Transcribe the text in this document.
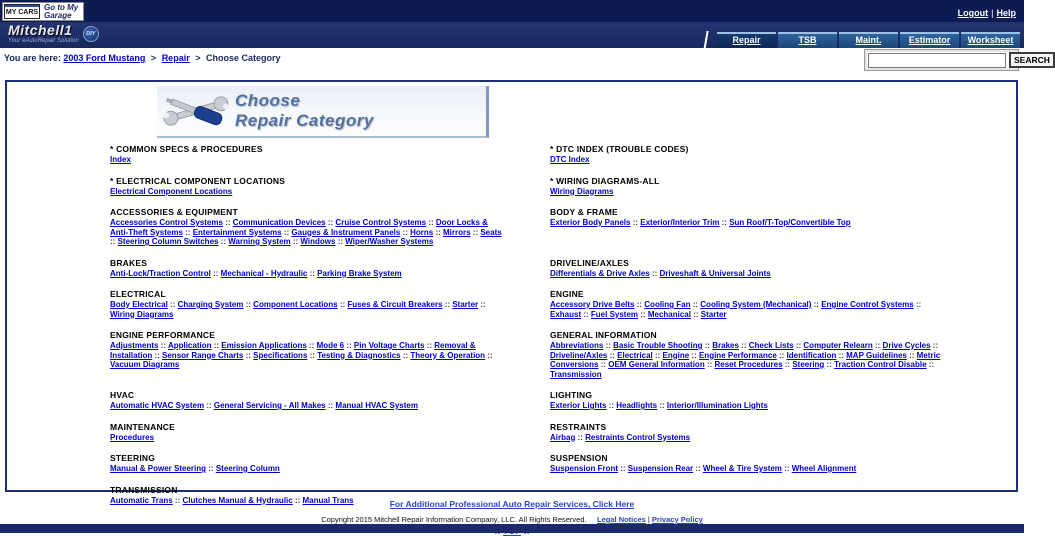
MY CARS
Go to My Garage	Logout | Help
Mitchell1
Your eAutoRepair Solution
DIY
Repair	TSB	Maint.	Estimator	Worksheet
You are here: 2003 Ford Mustang > Repair > Choose Category	SEARCH
Choose
Repair Category
* COMMON SPECS & PROCEDURES
Index
* DTC INDEX (TROUBLE CODES)
DTC Index
* ELECTRICAL COMPONENT LOCATIONS
Electrical Component Locations
* WIRING DIAGRAMS-ALL
Wiring Diagrams
ACCESSORIES & EQUIPMENT
Accessories Control Systems :: Communication Devices :: Cruise Control Systems :: Door Locks & Anti-Theft Systems :: Entertainment Systems :: Gauges & Instrument Panels :: Horns :: Mirrors :: Seats :: Steering Column Switches :: Warning System :: Windows :: Wiper/Washer Systems
BODY & FRAME
Exterior Body Panels :: Exterior/Interior Trim :: Sun Roof/T-Top/Convertible Top
BRAKES
Anti-Lock/Traction Control :: Mechanical - Hydraulic :: Parking Brake System
DRIVELINE/AXLES
Differentials & Drive Axles :: Driveshaft & Universal Joints
ELECTRICAL
Body Electrical :: Charging System :: Component Locations :: Fuses & Circuit Breakers :: Starter :: Wiring Diagrams
ENGINE
Accessory Drive Belts :: Cooling Fan :: Cooling System (Mechanical) :: Engine Control Systems :: Exhaust :: Fuel System :: Mechanical :: Starter
ENGINE PERFORMANCE
Adjustments :: Application :: Emission Applications :: Mode 6 :: Pin Voltage Charts :: Removal & Installation :: Sensor Range Charts :: Specifications :: Testing & Diagnostics :: Theory & Operation :: Vacuum Diagrams
GENERAL INFORMATION
Abbreviations :: Basic Trouble Shooting :: Brakes :: Check Lists :: Computer Relearn :: Drive Cycles :: Driveline/Axles :: Electrical :: Engine :: Engine Performance :: Identification :: MAP Guidelines :: Metric Conversions :: OEM General Information :: Reset Procedures :: Steering :: Traction Control Disable :: Transmission
HVAC
Automatic HVAC System :: General Servicing - All Makes :: Manual HVAC System
LIGHTING
Exterior Lights :: Headlights :: Interior/Illumination Lights
MAINTENANCE
Procedures
RESTRAINTS
Airbag :: Restraints Control Systems
STEERING
Manual & Power Steering :: Steering Column
SUSPENSION
Suspension Front :: Suspension Rear :: Wheel & Tire System :: Wheel Alignment
TRANSMISSION
Automatic Trans :: Clutches Manual & Hydraulic :: Manual Trans	For Additional Professional Auto Repair Services, Click Here
Copyright 2015 Mitchell Repair Information Company, LLC. All Rights Reserved. Legal Notices | Privacy Policy
